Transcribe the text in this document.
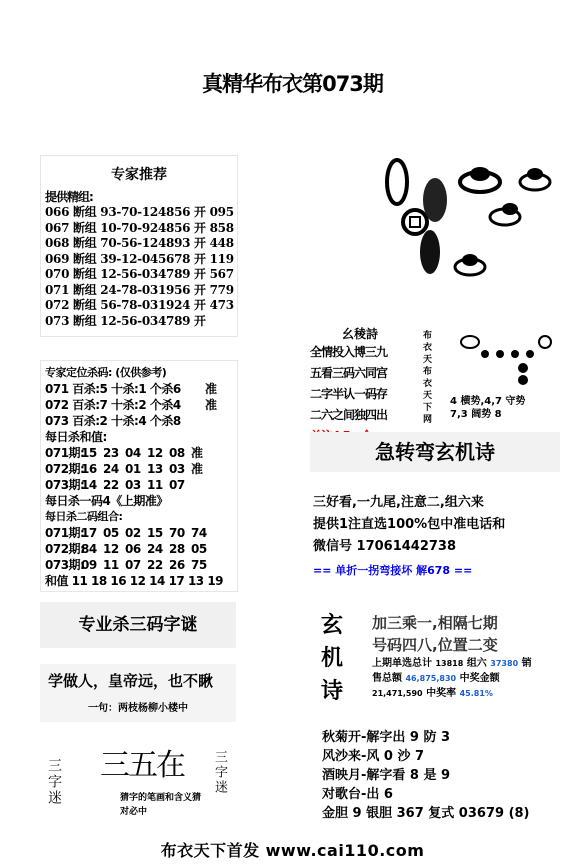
真精华布衣第073期
专家推荐
提供精组:
066 断组 93-70-124856 开 095
067 断组 10-70-924856 开 858
068 断组 70-56-124893 开 448
069 断组 39-12-045678 开 119
070 断组 12-56-034789 开 567
071 断组 24-78-031956 开 779
072 断组 56-78-031924 开 473
073 断组 12-56-034789 开
专家定位杀码: (仅供参考)
071 百杀:5 十杀:1 个杀6 准
072 百杀:7 十杀:2 个杀4 准
073 百杀:2 十杀:4 个杀8
每日杀和值:
071期:15 23 04 12 08 准
072期:16 24 01 13 03 准
073期:14 22 03 11 07
每日杀一码4《上期准》
每日杀二码组合:
071期:17 05 02 15 70 74
072期:84 12 06 24 28 05
073期:09 11 07 22 26 75
和值 11 18 16 12 14 17 13 19
专业杀三码字谜
学做人，皇帝远，也不瞅
一句：两枝杨柳小楼中
三字迷 三五在 三字迷
猜字的笔画和含义猜
对必中
幺稜詩
全情投入博三九
五看三码六同宫
二字半认一码存
二六之间独四出	布衣天布衣天下网 4 横势,4,7 守势
7,3 阔势 8
急转弯玄机诗
三好看,一九尾,注意二,组六来
提供1注直选100%包中准电话和
微信号 17061442738
== 单折一拐弯接坏 解678 ==
玄
机
诗
加三乘一,相隔七期
号码四八,位置二变
上期单选总计 13818 组六 37380 销
售总额 46,875,830 中奖金额
21,471,590 中奖率 45.81%
秋菊开-解字出 9 防 3
风沙来-风 0 沙 7
酒映月-解字看 8 是 9
对歌台-出 6
金胆 9 银胆 367 复式 03679 (8)
布衣天下首发 www.cai110.com
